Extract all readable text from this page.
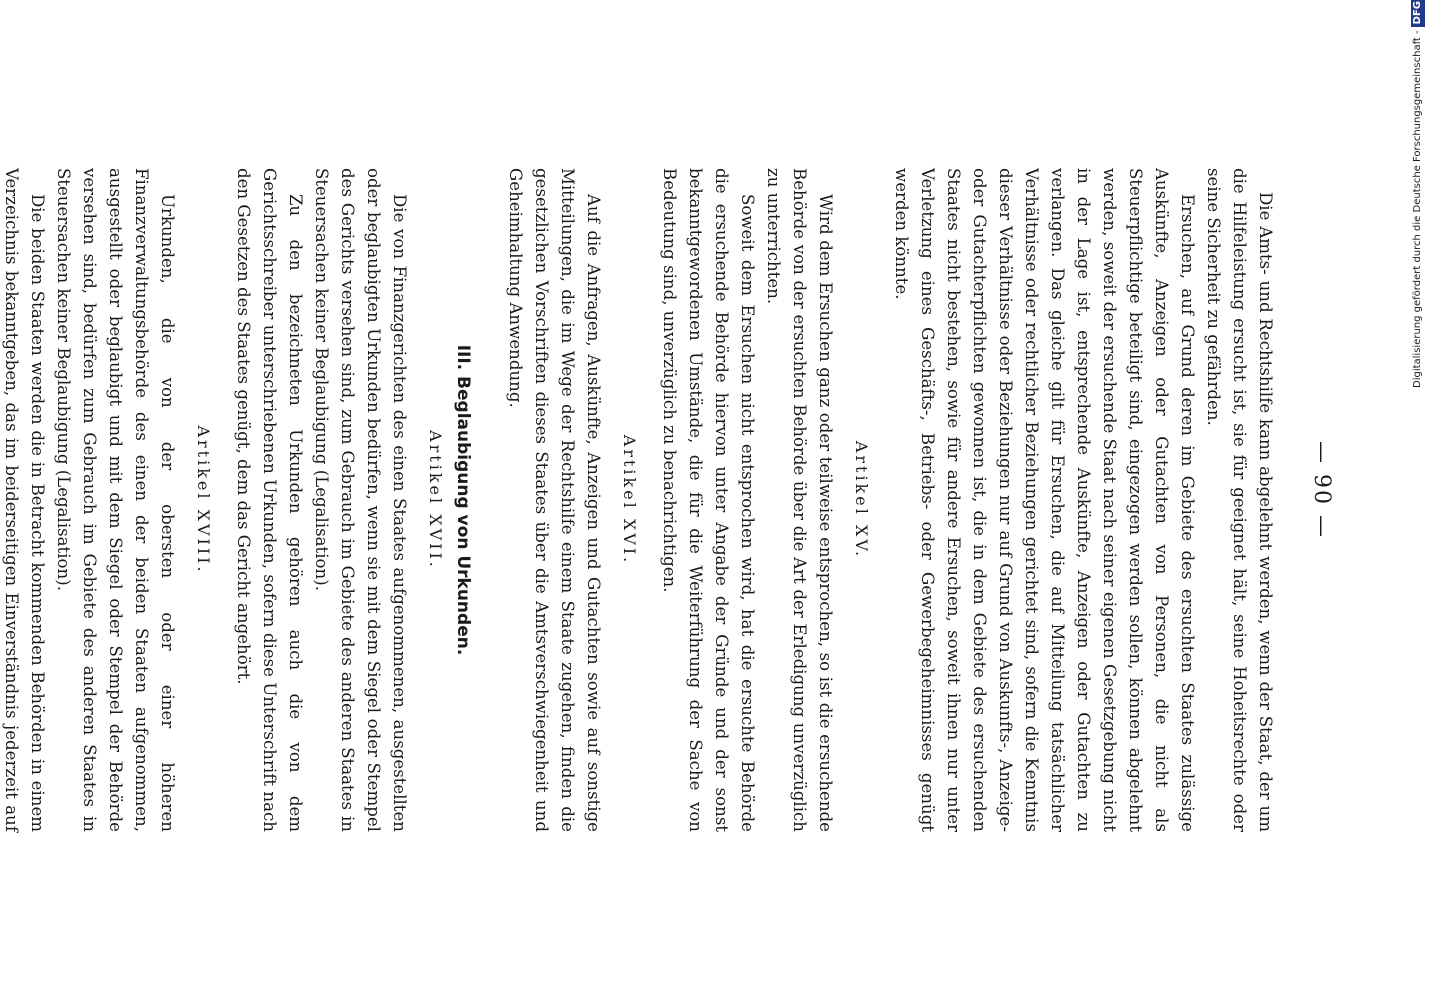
— 90 —

Die Amts- und Rechtshilfe kann abgelehnt werden, wenn der Staat, der um die Hilfeleistung ersucht ist, sie für geeignet hält, seine Hoheitsrechte oder seine Sicherheit zu gefährden.

Ersuchen, auf Grund deren im Gebiete des ersuchten Staates zulässige Auskünfte, Anzeigen oder Gutachten von Personen, die nicht als Steuerpflichtige beteiligt sind, eingezogen werden sollen, können abgelehnt werden, soweit der ersuchende Staat nach seiner eigenen Gesetzgebung nicht in der Lage ist, entsprechende Auskünfte, Anzeigen oder Gutachten zu verlangen. Das gleiche gilt für Ersuchen, die auf Mitteilung tatsächlicher Verhältnisse oder rechtlicher Beziehungen gerichtet sind, sofern die Kenntnis dieser Verhältnisse oder Beziehungen nur auf Grund von Auskunfts-, Anzeige- oder Gutachterpflichten gewonnen ist, die in dem Gebiete des ersuchenden Staates nicht bestehen, sowie für andere Ersuchen, soweit ihnen nur unter Verletzung eines Geschäfts-, Betriebs- oder Gewerbegeheimnisses genügt werden könnte.

Artikel XV.

Wird dem Ersuchen ganz oder teilweise entsprochen, so ist die ersuchende Behörde von der ersuchten Behörde über die Art der Erledigung unverzüglich zu unterrichten.

Soweit dem Ersuchen nicht entsprochen wird, hat die ersuchte Behörde die ersuchende Behörde hiervon unter Angabe der Gründe und der sonst bekanntgewordenen Umstände, die für die Weiterführung der Sache von Bedeutung sind, unverzüglich zu benachrichtigen.

Artikel XVI.

Auf die Anfragen, Auskünfte, Anzeigen und Gutachten sowie auf sonstige Mitteilungen, die im Wege der Rechtshilfe einem Staate zugehen, finden die gesetzlichen Vorschriften dieses Staates über die Amtsverschwiegenheit und Geheimhaltung Anwendung.

III. Beglaubigung von Urkunden.
Artikel XVII.

Die von Finanzgerichten des einen Staates aufgenommenen, ausgestellten oder beglaubigten Urkunden bedürfen, wenn sie mit dem Siegel oder Stempel des Gerichts versehen sind, zum Gebrauch im Gebiete des anderen Staates in Steuersachen keiner Beglaubigung (Legalisation).

Zu den bezeichneten Urkunden gehören auch die von dem Gerichtsschreiber unterschriebenen Urkunden, sofern diese Unterschrift nach den Gesetzen des Staates genügt, dem das Gericht angehört.

Artikel XVIII.

Urkunden, die von der obersten oder einer höheren Finanzverwaltungsbehörde des einen der beiden Staaten aufgenommen, ausgestellt oder beglaubigt und mit dem Siegel oder Stempel der Behörde versehen sind, bedürfen zum Gebrauch im Gebiete des anderen Staates in Steuersachen keiner Beglaubigung (Legalisation).

Die beiden Staaten werden die in Betracht kommenden Behörden in einem Verzeichnis bekanntgeben, das im beiderseitigen Einverständnis jederzeit auf

Digitalisierung gefördert durch die Deutsche Forschungsgemeinschaft -DFG
